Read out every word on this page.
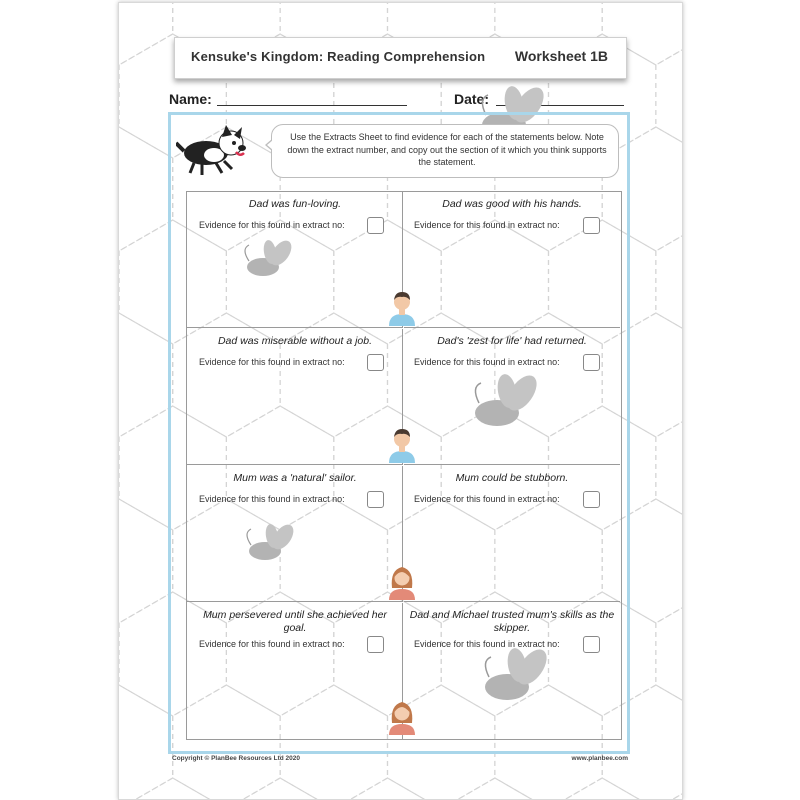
Kensuke's Kingdom: Reading Comprehension Worksheet 1B
Name:	Date:
Use the Extracts Sheet to find evidence for each of the statements below. Note down the extract number, and copy out the section of it which you think supports the statement.
Dad was fun-loving.
Evidence for this found in extract no:
Dad was good with his hands.
Evidence for this found in extract no:
Dad was miserable without a job.
Evidence for this found in extract no:
Dad's 'zest for life' had returned.
Evidence for this found in extract no:
Mum was a 'natural' sailor.
Evidence for this found in extract no:
Mum could be stubborn.
Evidence for this found in extract no:
Mum persevered until she achieved her goal.
Evidence for this found in extract no:
Dad and Michael trusted mum's skills as the skipper.
Evidence for this found in extract no:
Copyright © PlanBee Resources Ltd 2020	www.planbee.com
